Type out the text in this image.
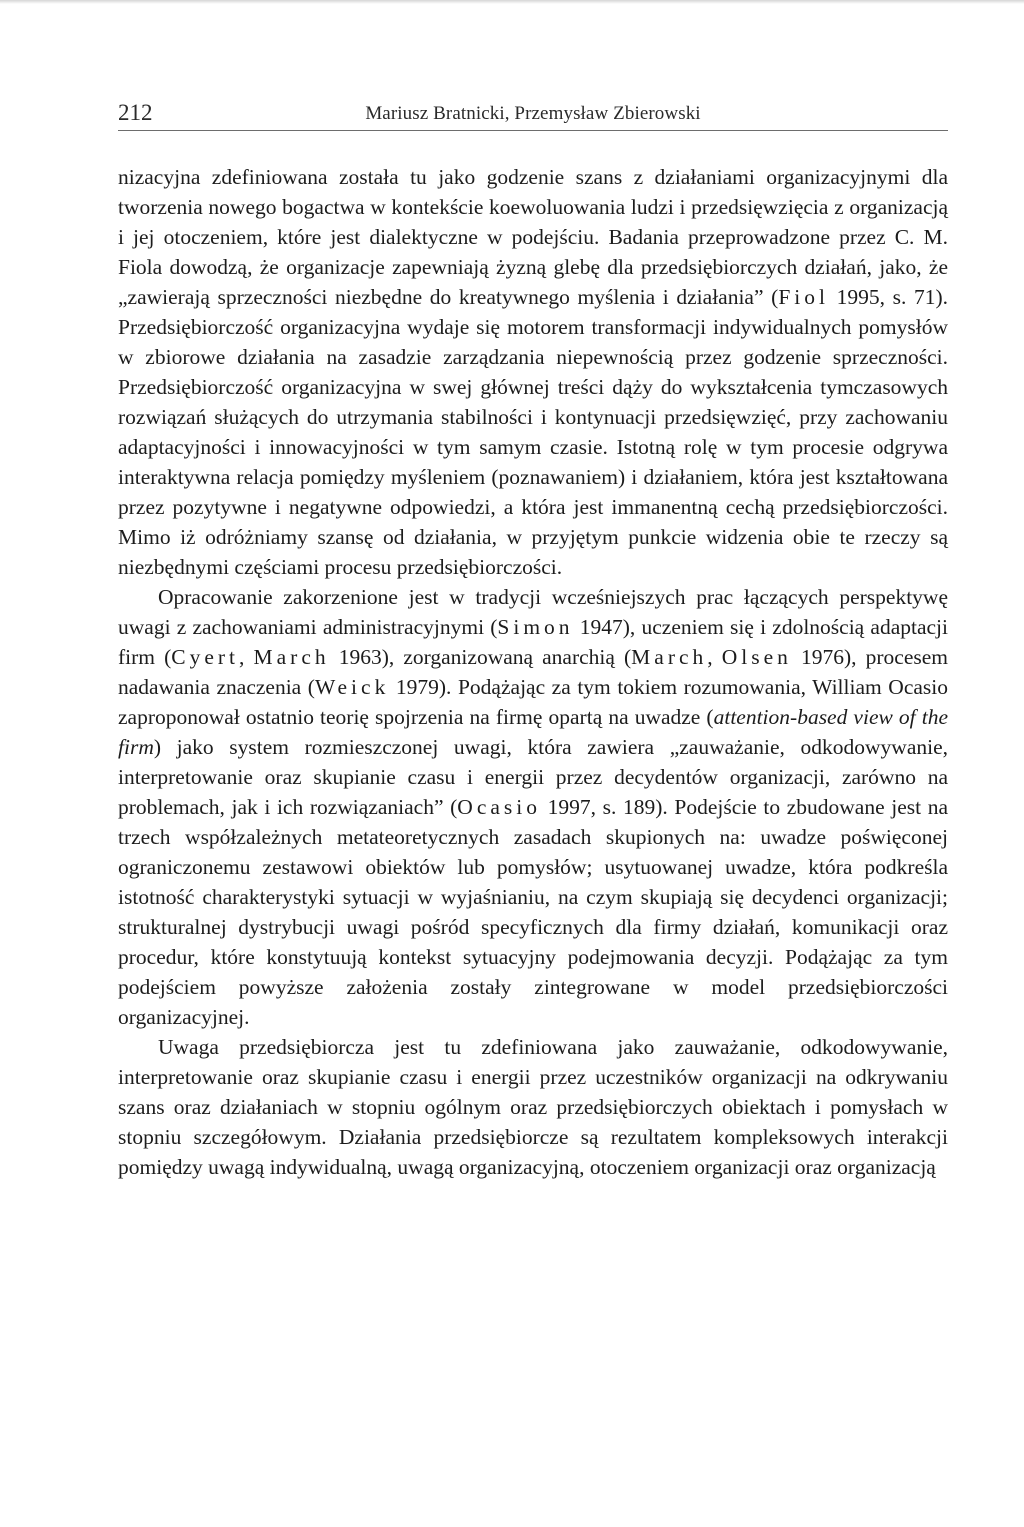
212	Mariusz Bratnicki, Przemysław Zbierowski

nizacyjna zdefiniowana została tu jako godzenie szans z działaniami organizacyjnymi dla tworzenia nowego bogactwa w kontekście koewoluowania ludzi i przedsięwzięcia z organizacją i jej otoczeniem, które jest dialektyczne w podejściu. Badania przeprowadzone przez C. M. Fiola dowodzą, że organizacje zapewniają żyzną glebę dla przedsiębiorczych działań, jako, że „zawierają sprzeczności niezbędne do kreatywnego myślenia i działania” (Fiol 1995, s. 71). Przedsiębiorczość organizacyjna wydaje się motorem transformacji indywidualnych pomysłów w zbiorowe działania na zasadzie zarządzania niepewnością przez godzenie sprzeczności. Przedsiębiorczość organizacyjna w swej głównej treści dąży do wykształcenia tymczasowych rozwiązań służących do utrzymania stabilności i kontynuacji przedsięwzięć, przy zachowaniu adaptacyjności i innowacyjności w tym samym czasie. Istotną rolę w tym procesie odgrywa interaktywna relacja pomiędzy myśleniem (poznawaniem) i działaniem, która jest kształtowana przez pozytywne i negatywne odpowiedzi, a która jest immanentną cechą przedsiębiorczości. Mimo iż odróżniamy szansę od działania, w przyjętym punkcie widzenia obie te rzeczy są niezbędnymi częściami procesu przedsiębiorczości.

Opracowanie zakorzenione jest w tradycji wcześniejszych prac łączących perspektywę uwagi z zachowaniami administracyjnymi (Simon 1947), uczeniem się i zdolnością adaptacji firm (Cyert, March 1963), zorganizowaną anarchią (March, Olsen 1976), procesem nadawania znaczenia (Weick 1979). Podążając za tym tokiem rozumowania, William Ocasio zaproponował ostatnio teorię spojrzenia na firmę opartą na uwadze (attention-based view of the firm) jako system rozmieszczonej uwagi, która zawiera „zauważanie, odkodowywanie, interpretowanie oraz skupianie czasu i energii przez decydentów organizacji, zarówno na problemach, jak i ich rozwiązaniach” (Ocasio 1997, s. 189). Podejście to zbudowane jest na trzech współzależnych metateoretycznych zasadach skupionych na: uwadze poświęconej ograniczonemu zestawowi obiektów lub pomysłów; usytuowanej uwadze, która podkreśla istotność charakterystyki sytuacji w wyjaśnianiu, na czym skupiają się decydenci organizacji; strukturalnej dystrybucji uwagi pośród specyficznych dla firmy działań, komunikacji oraz procedur, które konstytuują kontekst sytuacyjny podejmowania decyzji. Podążając za tym podejściem powyższe założenia zostały zintegrowane w model przedsiębiorczości organizacyjnej.

Uwaga przedsiębiorcza jest tu zdefiniowana jako zauważanie, odkodowywanie, interpretowanie oraz skupianie czasu i energii przez uczestników organizacji na odkrywaniu szans oraz działaniach w stopniu ogólnym oraz przedsiębiorczych obiektach i pomysłach w stopniu szczegółowym. Działania przedsiębiorcze są rezultatem kompleksowych interakcji pomiędzy uwagą indywidualną, uwagą organizacyjną, otoczeniem organizacji oraz organizacją
